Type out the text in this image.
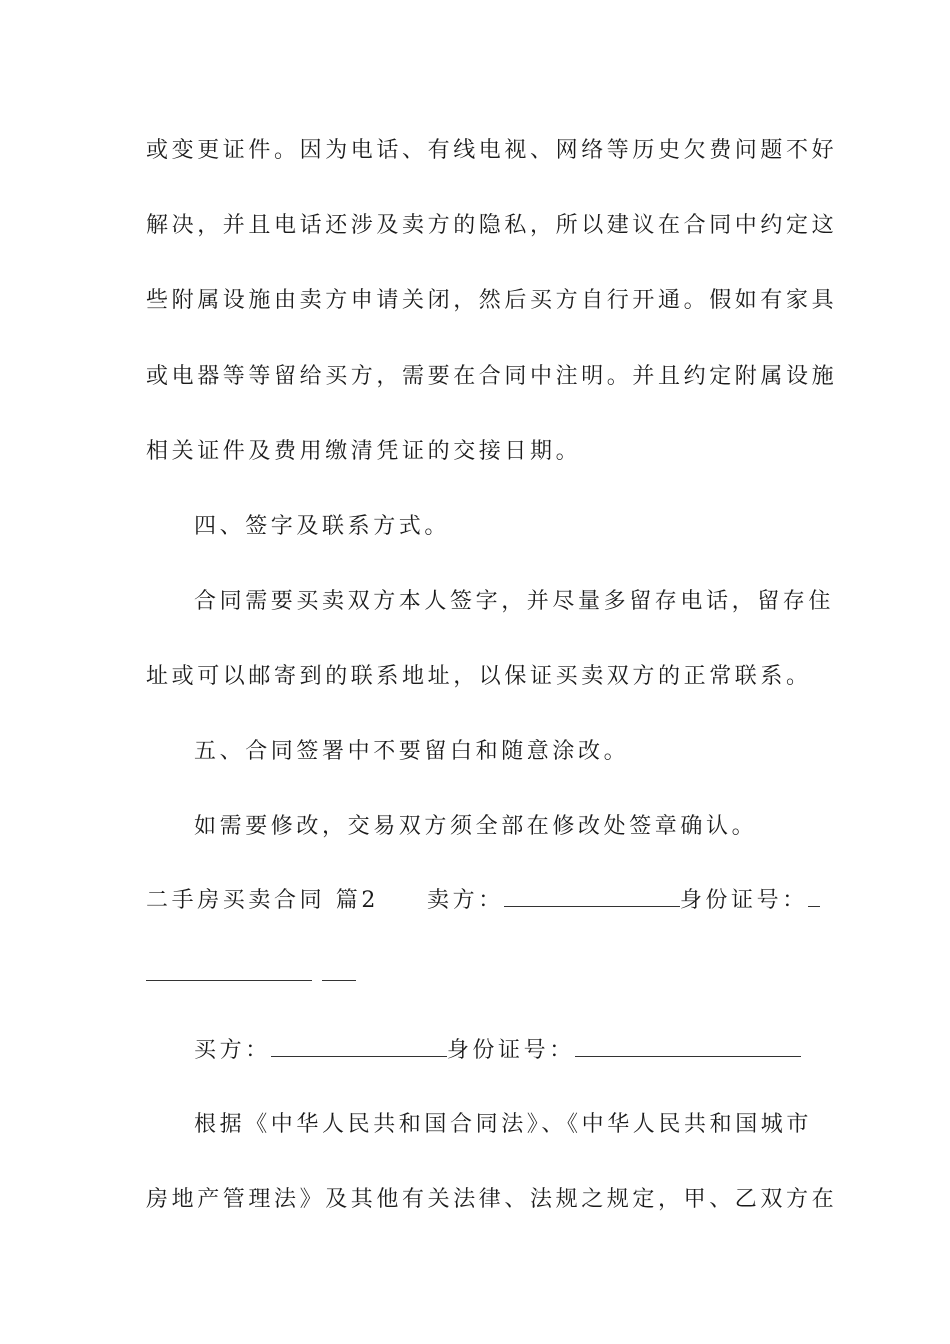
或变更证件。因为电话、有线电视、网络等历史欠费问题不好
解决，并且电话还涉及卖方的隐私，所以建议在合同中约定这
些附属设施由卖方申请关闭，然后买方自行开通。假如有家具
或电器等等留给买方，需要在合同中注明。并且约定附属设施
相关证件及费用缴清凭证的交接日期。
四、签字及联系方式。
合同需要买卖双方本人签字，并尽量多留存电话，留存住
址或可以邮寄到的联系地址，以保证买卖双方的正常联系。
五、合同签署中不要留白和随意涂改。
如需要修改，交易双方须全部在修改处签章确认。
二手房买卖合同 篇2 卖方：	身份证号：
买方：	身份证号：
根据《中华人民共和国合同法》、《中华人民共和国城市
房地产管理法》及其他有关法律、法规之规定，甲、乙双方在
